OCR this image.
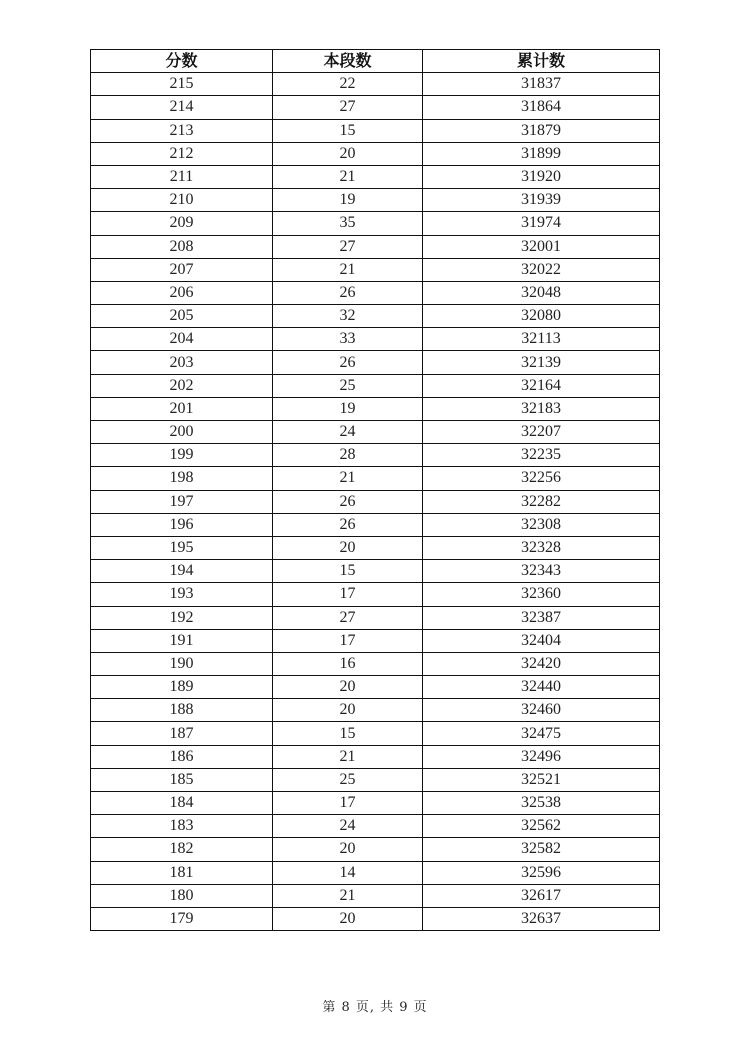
分数	本段数	累计数
215	22	31837
214	27	31864
213	15	31879
212	20	31899
211	21	31920
210	19	31939
209	35	31974
208	27	32001
207	21	32022
206	26	32048
205	32	32080
204	33	32113
203	26	32139
202	25	32164
201	19	32183
200	24	32207
199	28	32235
198	21	32256
197	26	32282
196	26	32308
195	20	32328
194	15	32343
193	17	32360
192	27	32387
191	17	32404
190	16	32420
189	20	32440
188	20	32460
187	15	32475
186	21	32496
185	25	32521
184	17	32538
183	24	32562
182	20	32582
181	14	32596
180	21	32617
179	20	32637
第 8 页, 共 9 页
